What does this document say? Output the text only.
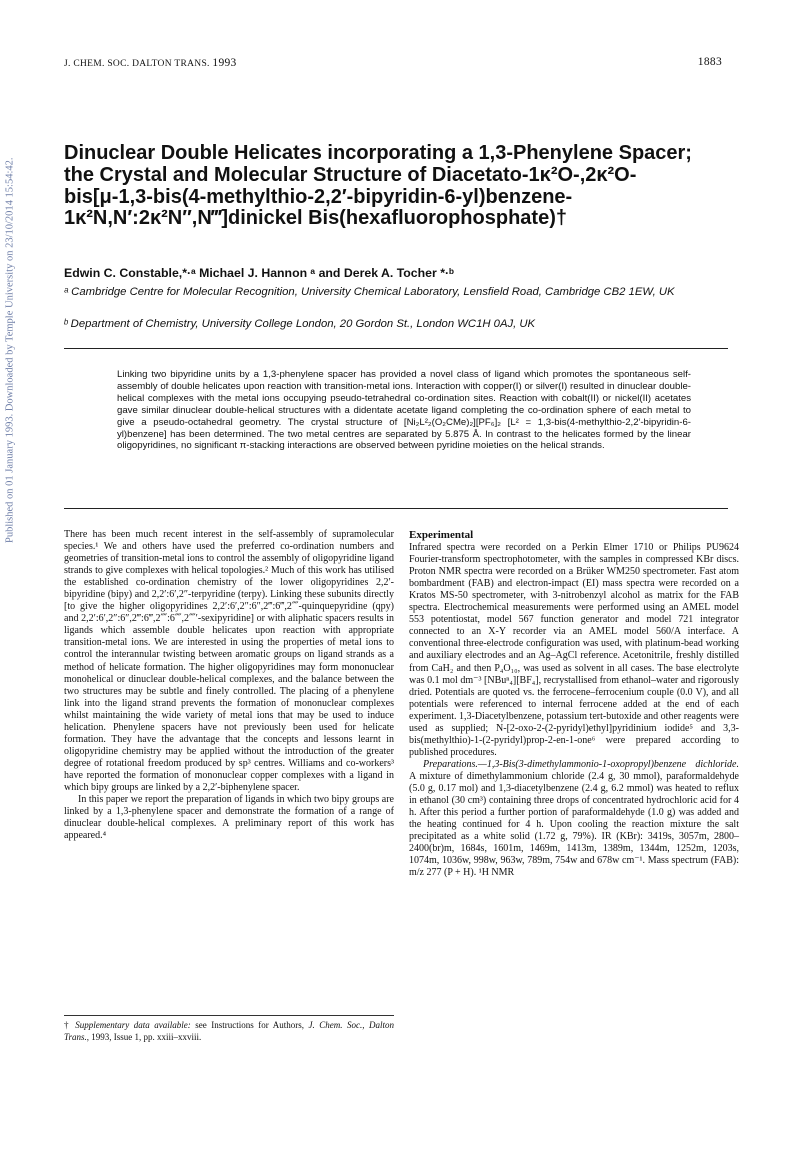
Published on 01 January 1993. Downloaded by Temple University on 23/10/2014 15:54:42.
J. CHEM. SOC. DALTON TRANS. 1993	1883
Dinuclear Double Helicates incorporating a 1,3-Phenylene Spacer; the Crystal and Molecular Structure of Diacetato-1κ²O-,2κ²O-bis[μ-1,3-bis(4-methylthio-2,2′-bipyridin-6-yl)benzene-1κ²N,N′:2κ²N″,N‴]dinickel Bis(hexafluorophosphate)†
Edwin C. Constable,*·ᵃ Michael J. Hannon ᵃ and Derek A. Tocher *·ᵇ
ᵃ Cambridge Centre for Molecular Recognition, University Chemical Laboratory, Lensfield Road, Cambridge CB2 1EW, UK
ᵇ Department of Chemistry, University College London, 20 Gordon St., London WC1H 0AJ, UK

Linking two bipyridine units by a 1,3-phenylene spacer has provided a novel class of ligand which promotes the spontaneous self-assembly of double helicates upon reaction with transition-metal ions. Interaction with copper(I) or silver(I) resulted in dinuclear double-helical complexes with the metal ions occupying pseudo-tetrahedral co-ordination sites. Reaction with cobalt(II) or nickel(II) acetates gave similar dinuclear double-helical structures with a didentate acetate ligand completing the co-ordination sphere of each metal to give a pseudo-octahedral geometry. The crystal structure of [Ni₂L²₂(O₂CMe)₂][PF₆]₂ [L² = 1,3-bis(4-methylthio-2,2′-bipyridin-6-yl)benzene] has been determined. The two metal centres are separated by 5.875 Å. In contrast to the helicates formed by the linear oligopyridines, no significant π-stacking interactions are observed between pyridine moieties on the helical strands.

There has been much recent interest in the self-assembly of supramolecular species.¹ We and others have used the preferred co-ordination numbers and geometries of transition-metal ions to control the assembly of oligopyridine ligand strands to give complexes with helical topologies.² Much of this work has utilised the established co-ordination chemistry of the lower oligopyridines 2,2′-bipyridine (bipy) and 2,2′:6′,2″-terpyridine (terpy). Linking these subunits directly [to give the higher oligopyridines 2,2′:6′,2″:6″,2‴:6‴,2⁗-quinquepyridine (qpy) and 2,2′:6′,2″:6″,2‴:6‴,2⁗:6⁗,2⁗′-sexipyridine] or with aliphatic spacers results in ligands which assemble double helicates upon reaction with appropriate transition-metal ions. We are interested in using the properties of metal ions to control the interannular twisting between aromatic groups on ligand strands as a method of helicate formation. The higher oligopyridines may form mononuclear monohelical or dinuclear double-helical complexes, and the balance between the two structures may be subtle and finely controlled. The placing of a phenylene link into the ligand strand prevents the formation of mononuclear complexes whilst maintaining the wide variety of metal ions that may be used to induce helication. Phenylene spacers have not previously been used for helicate formation. They have the advantage that the concepts and lessons learnt in oligopyridine chemistry may be applied without the introduction of the greater degree of rotational freedom produced by sp³ centres. Williams and co-workers³ have reported the formation of mononuclear copper complexes with a ligand in which bipy groups are linked by a 2,2′-biphenylene spacer.

In this paper we report the preparation of ligands in which two bipy groups are linked by a 1,3-phenylene spacer and demonstrate the formation of a range of dinuclear double-helical complexes. A preliminary report of this work has appeared.⁴

† Supplementary data available: see Instructions for Authors, J. Chem. Soc., Dalton Trans., 1993, Issue 1, pp. xxiii–xxviii.
Experimental

Infrared spectra were recorded on a Perkin Elmer 1710 or Philips PU9624 Fourier-transform spectrophotometer, with the samples in compressed KBr discs. Proton NMR spectra were recorded on a Brüker WM250 spectrometer. Fast atom bombardment (FAB) and electron-impact (EI) mass spectra were recorded on a Kratos MS-50 spectrometer, with 3-nitrobenzyl alcohol as matrix for the FAB spectra. Electrochemical measurements were performed using an AMEL model 553 potentiostat, model 567 function generator and model 721 integrator connected to an X-Y recorder via an AMEL model 560/A interface. A conventional three-electrode configuration was used, with platinum-bead working and auxiliary electrodes and an Ag–AgCl reference. Acetonitrile, freshly distilled from CaH₂ and then P₄O₁₀, was used as solvent in all cases. The base electrolyte was 0.1 mol dm⁻³ [NBuⁿ₄][BF₄], recrystallised from ethanol–water and rigorously dried. Potentials are quoted vs. the ferrocene–ferrocenium couple (0.0 V), and all potentials were referenced to internal ferrocene added at the end of each experiment. 1,3-Diacetylbenzene, potassium tert-butoxide and other reagents were used as supplied; N-[2-oxo-2-(2-pyridyl)ethyl]pyridinium iodide⁵ and 3,3-bis(methylthio)-1-(2-pyridyl)prop-2-en-1-one⁶ were prepared according to published procedures.

Preparations.—1,3-Bis(3-dimethylammonio-1-oxopropyl)benzene dichloride. A mixture of dimethylammonium chloride (2.4 g, 30 mmol), paraformaldehyde (5.0 g, 0.17 mol) and 1,3-diacetylbenzene (2.4 g, 6.2 mmol) was heated to reflux in ethanol (30 cm³) containing three drops of concentrated hydrochloric acid for 4 h. After this period a further portion of paraformaldehyde (1.0 g) was added and the heating continued for 4 h. Upon cooling the reaction mixture the salt precipitated as a white solid (1.72 g, 79%). IR (KBr): 3419s, 3057m, 2800–2400(br)m, 1684s, 1601m, 1469m, 1413m, 1389m, 1344m, 1252m, 1203s, 1074m, 1036w, 998w, 963w, 789m, 754w and 678w cm⁻¹. Mass spectrum (FAB): m/z 277 (P + H). ¹H NMR
